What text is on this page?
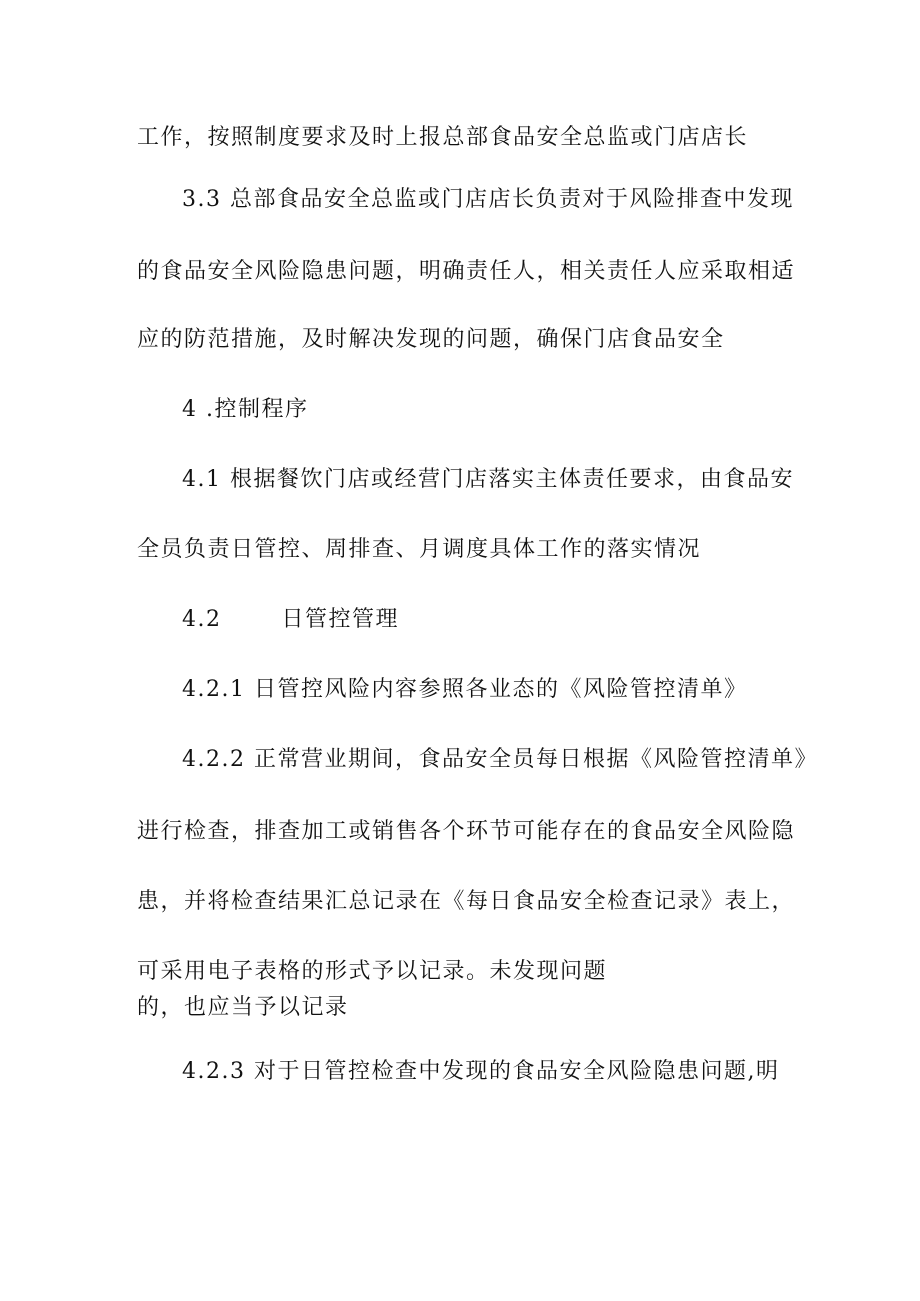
工作，按照制度要求及时上报总部食品安全总监或门店店长
3.3 总部食品安全总监或门店店长负责对于风险排查中发现
的食品安全风险隐患问题，明确责任人，相关责任人应采取相适
应的防范措施，及时解决发现的问题，确保门店食品安全
4 .控制程序
4.1 根据餐饮门店或经营门店落实主体责任要求，由食品安
全员负责日管控、周排查、月调度具体工作的落实情况
4.2	日管控管理
4.2.1 日管控风险内容参照各业态的《风险管控清单》
4.2.2 正常营业期间，食品安全员每日根据《风险管控清单》
进行检查，排查加工或销售各个环节可能存在的食品安全风险隐
患，并将检查结果汇总记录在《每日食品安全检查记录》表上，
可采用电子表格的形式予以记录。未发现问题
的，也应当予以记录
4.2.3 对于日管控检查中发现的食品安全风险隐患问题,明
